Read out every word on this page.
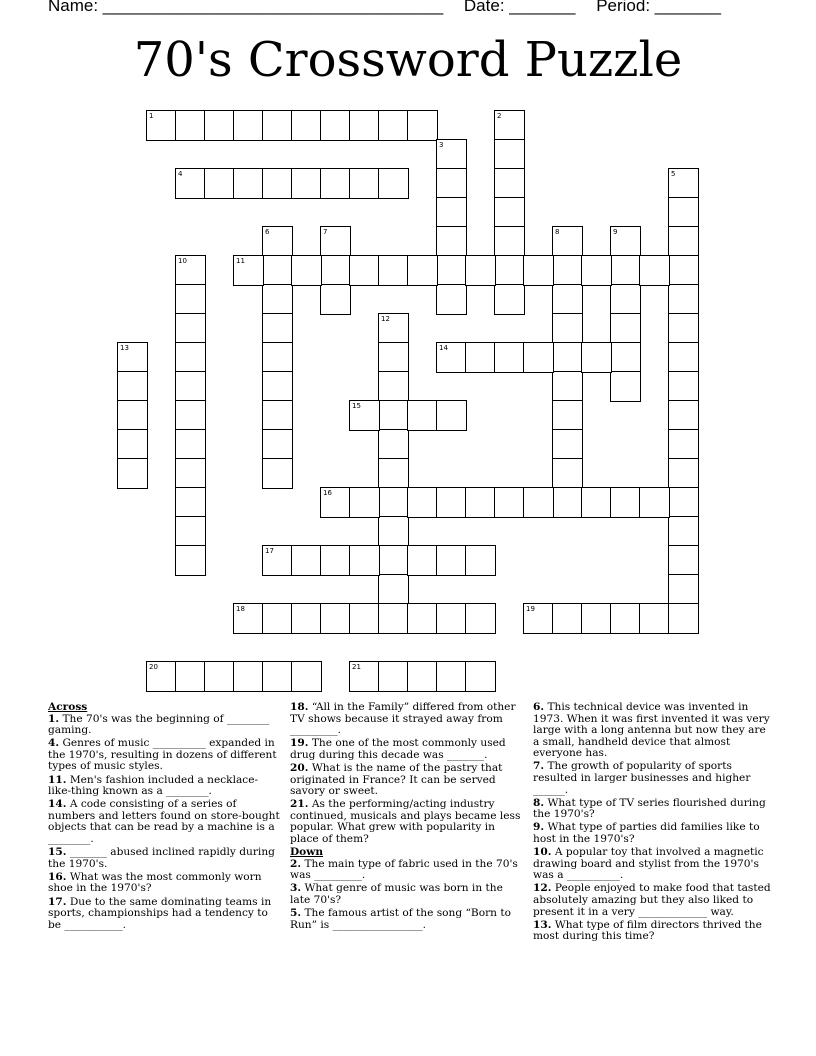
Name: ____________________________________ Date: _______ Period: _______
70's Crossword Puzzle
1	2
3
4	5
6	7	8	9
10	11
12
13	14
15
16
17
18	19
20	21
Across
1. The 70's was the beginning of ________ gaming.
4. Genres of music __________ expanded in the 1970's, resulting in dozens of different types of music styles.
11. Men's fashion included a necklace-like-thing known as a ________.
14. A code consisting of a series of numbers and letters found on store-bought objects that can be read by a machine is a ________.
15. _______ abused inclined rapidly during the 1970's.
16. What was the most commonly worn shoe in the 1970's?
17. Due to the same dominating teams in sports, championships had a tendency to be ___________.
18. “All in the Family” differed from other TV shows because it strayed away from _________.
19. The one of the most commonly used drug during this decade was _______.
20. What is the name of the pastry that originated in France? It can be served savory or sweet.
21. As the performing/acting industry continued, musicals and plays became less popular. What grew with popularity in place of them?
Down
2. The main type of fabric used in the 70's was _________.
3. What genre of music was born in the late 70's?
5. The famous artist of the song “Born to Run” is _________________.
6. This technical device was invented in 1973. When it was first invented it was very large with a long antenna but now they are a small, handheld device that almost everyone has.
7. The growth of popularity of sports resulted in larger businesses and higher ______.
8. What type of TV series flourished during the 1970's?
9. What type of parties did families like to host in the 1970's?
10. A popular toy that involved a magnetic drawing board and stylist from the 1970's was a __________.
12. People enjoyed to make food that tasted absolutely amazing but they also liked to present it in a very _____________ way.
13. What type of film directors thrived the most during this time?
